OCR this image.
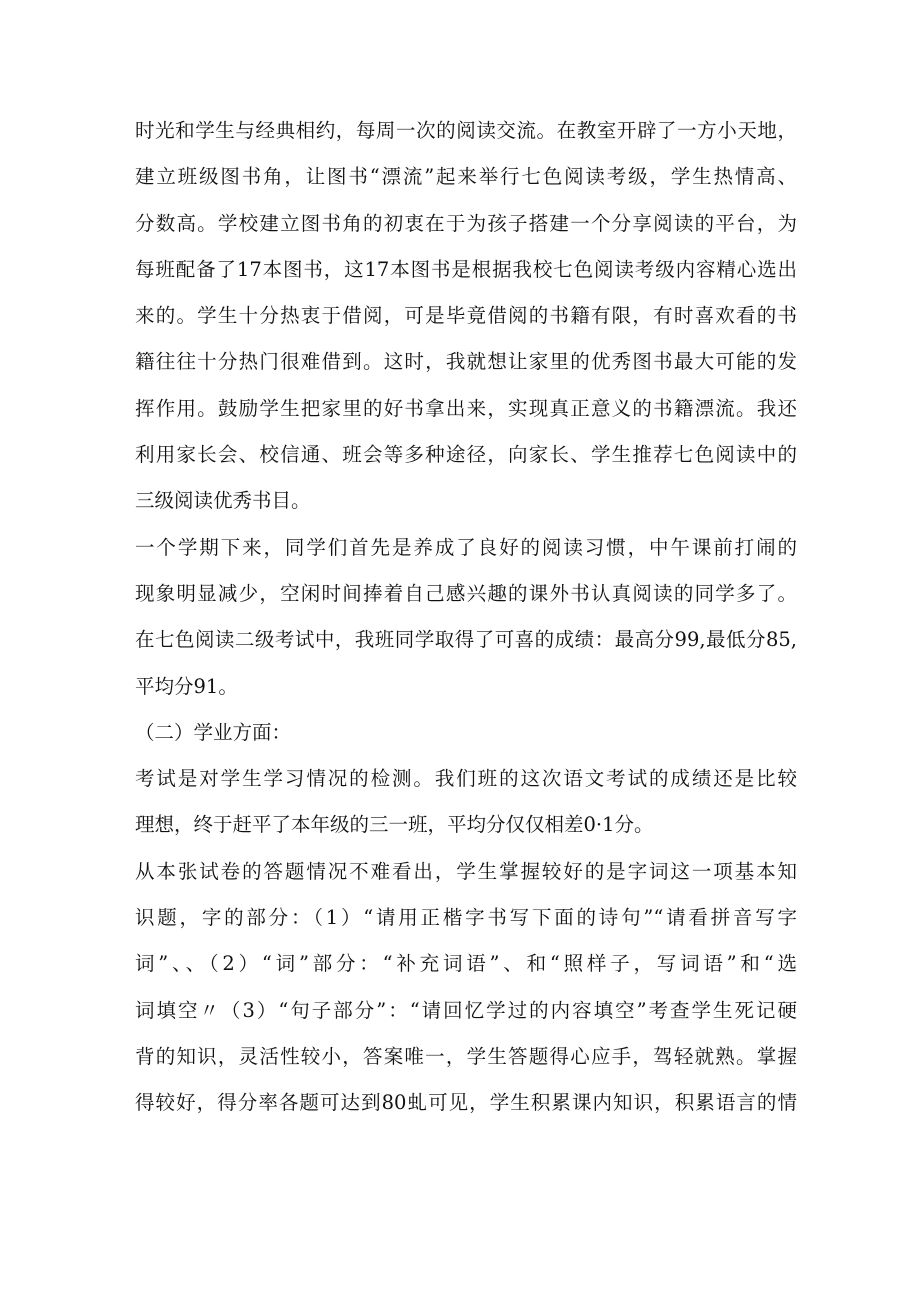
时光和学生与经典相约，每周一次的阅读交流。在教室开辟了一方小天地，
建立班级图书角，让图书“漂流”起来举行七色阅读考级，学生热情高、
分数高。学校建立图书角的初衷在于为孩子搭建一个分享阅读的平台，为
每班配备了17本图书，这17本图书是根据我校七色阅读考级内容精心选出
来的。学生十分热衷于借阅，可是毕竟借阅的书籍有限，有时喜欢看的书
籍往往十分热门很难借到。这时，我就想让家里的优秀图书最大可能的发
挥作用。鼓励学生把家里的好书拿出来，实现真正意义的书籍漂流。我还
利用家长会、校信通、班会等多种途径，向家长、学生推荐七色阅读中的
三级阅读优秀书目。
一个学期下来，同学们首先是养成了良好的阅读习惯，中午课前打闹的
现象明显减少，空闲时间捧着自己感兴趣的课外书认真阅读的同学多了。
在七色阅读二级考试中，我班同学取得了可喜的成绩：最高分99,最低分85,
平均分91。
（二）学业方面：
考试是对学生学习情况的检测。我们班的这次语文考试的成绩还是比较
理想，终于赶平了本年级的三一班，平均分仅仅相差0·1分。
从本张试卷的答题情况不难看出，学生掌握较好的是字词这一项基本知
识题，字的部分：（1）“请用正楷字书写下面的诗句”“请看拼音写字
词”、、（2）“词”部分：“补充词语”、和“照样子，写词语”和“选
词填空〃（3）“句子部分”：“请回忆学过的内容填空”考查学生死记硬
背的知识，灵活性较小，答案唯一，学生答题得心应手，驾轻就熟。掌握
得较好，得分率各题可达到80虬可见，学生积累课内知识，积累语言的情
